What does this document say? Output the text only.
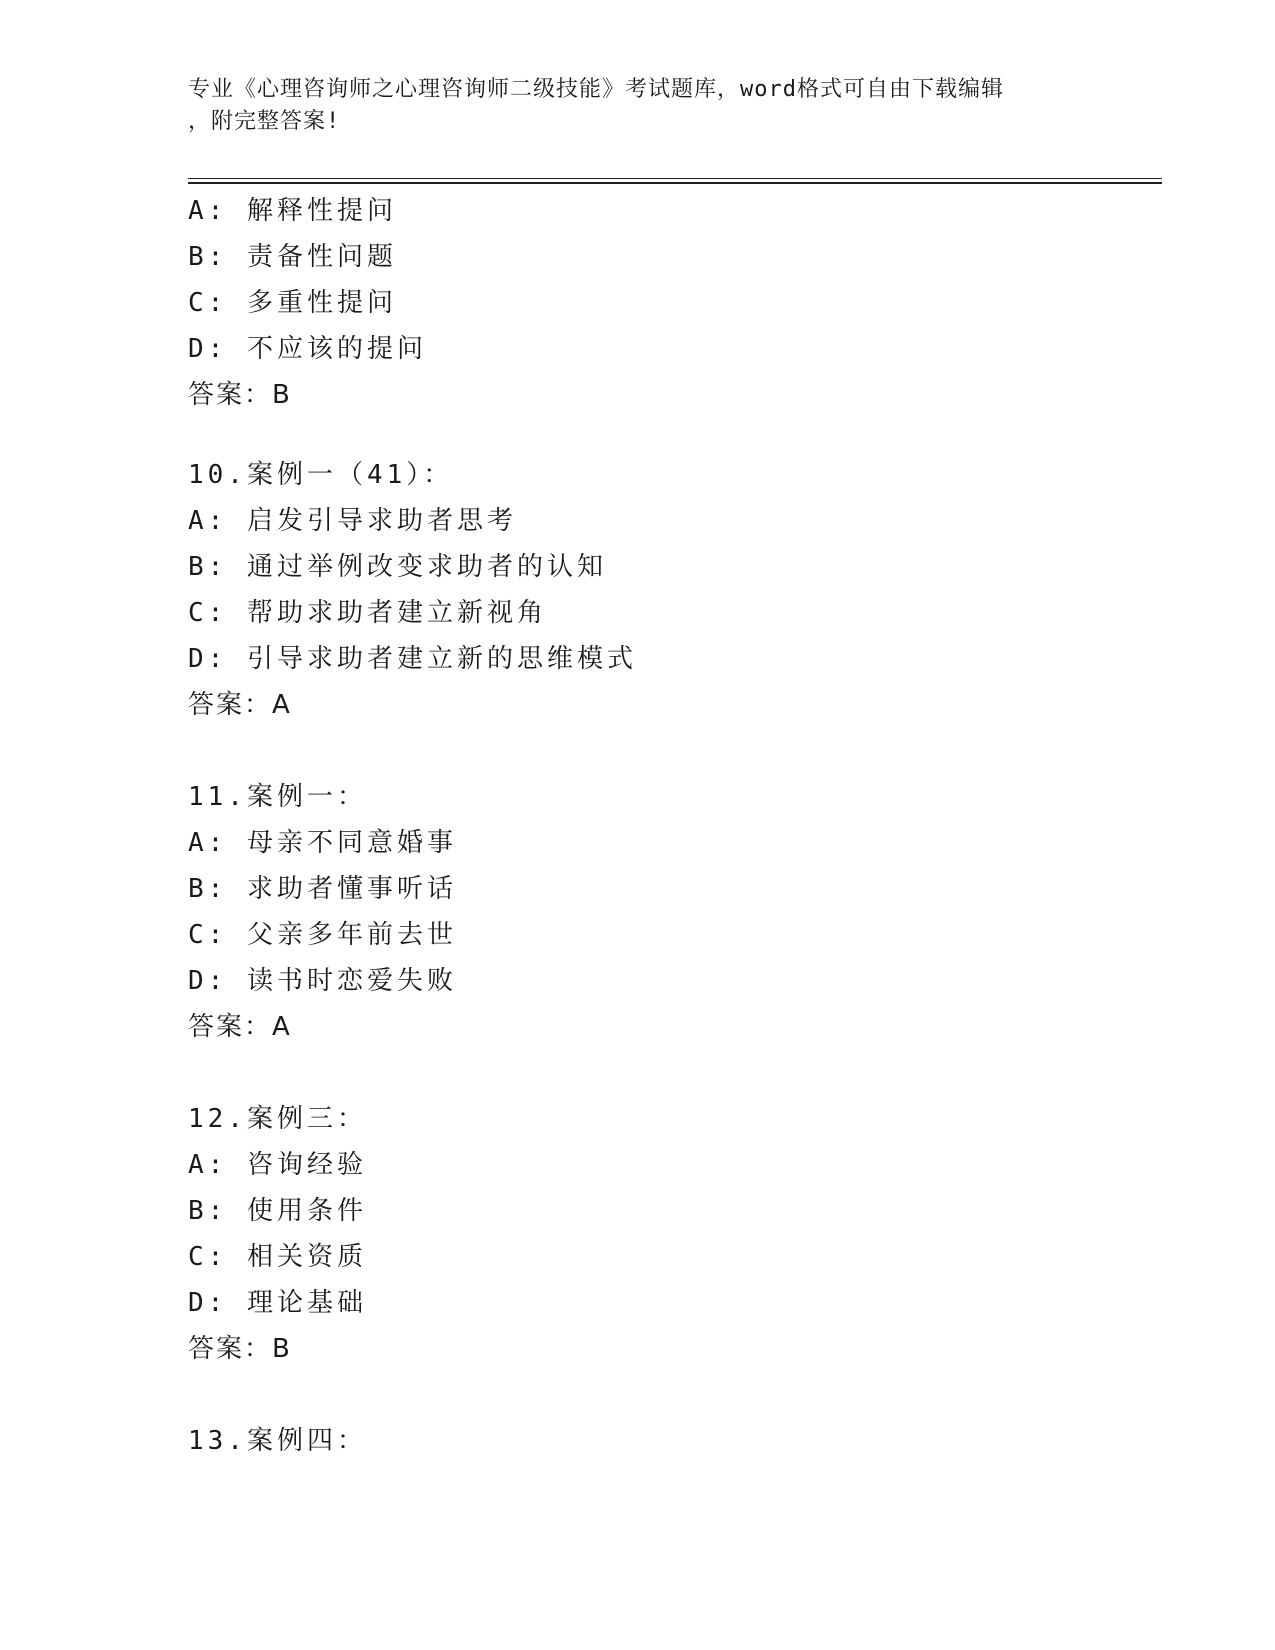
专业《心理咨询师之心理咨询师二级技能》考试题库，word格式可自由下载编辑
，附完整答案!
A: 解释性提问
B: 责备性问题
C: 多重性提问
D: 不应该的提问
答案：B
10.案例一（41）：
A: 启发引导求助者思考
B: 通过举例改变求助者的认知
C: 帮助求助者建立新视角
D: 引导求助者建立新的思维模式
答案：A
11.案例一：
A: 母亲不同意婚事
B: 求助者懂事听话
C: 父亲多年前去世
D: 读书时恋爱失败
答案：A
12.案例三：
A: 咨询经验
B: 使用条件
C: 相关资质
D: 理论基础
答案：B
13.案例四：
